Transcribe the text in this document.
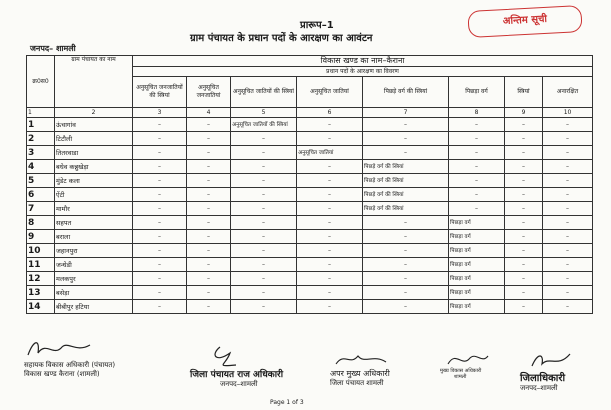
प्रारूप–1
ग्राम पंचायत के प्रधान पदों के आरक्षण का आवंटन
अन्तिम सूची
जनपद– शामली
क्र0स0	ग्राम पंचायत का नाम	विकास खण्ड का नाम–कैराना							
		प्रधान पदों के आरक्षण का विवरण							
		अनुसूचित जनजातियों की स्त्रियां	अनुसूचित जनजातियां	अनुसूचित जातियों की स्त्रियां	अनुसूचित जातियां	पिछड़े वर्ग की स्त्रियां	पिछड़ा वर्ग	स्त्रियां	अनारक्षित
1	2	3	4	5	6	7	8	9	10
1	ऊंचागांव	–	–	अनुसूचित जातियों की स्त्रियां	–	–	–	–	–
2	टिटौली	–	–	–	–	–	–	–	–
3	तितरवाडा	–	–	–	अनुसूचित जातियां	–	–	–	–
4	बधेव कन्नुखेड़ा	–	–	–	–	पिछड़े वर्ग की स्त्रियां	–	–	–
5	मुंडेट कला	–	–	–	–	पिछड़े वर्ग की स्त्रियां	–	–	–
6	ऐंटी	–	–	–	–	पिछड़े वर्ग की स्त्रियां	–	–	–
7	मामौर	–	–	–	–	पिछड़े वर्ग की स्त्रियां	–	–	–
8	सहपत	–	–	–	–	–	पिछड़ा वर्ग	–	–
9	बराला	–	–	–	–	–	पिछड़ा वर्ग	–	–
10	जहानपुरा	–	–	–	–	–	पिछड़ा वर्ग	–	–
11	जन्धेडी	–	–	–	–	–	पिछड़ा वर्ग	–	–
12	मलकपुर	–	–	–	–	–	पिछड़ा वर्ग	–	–
13	बसेड़ा	–	–	–	–	–	पिछड़ा वर्ग	–	–
14	बीबीपुर हटिया	–	–	–	–	–	पिछड़ा वर्ग	–	–
सहायक विकास अधिकारी (पंचायत)
विकास खण्ड कैराना (शामली)	जिला पंचायत राज अधिकारी
जनपद–शामली
अपर मुख्य अधिकारी
जिला पंचायत शामली
मुख्य विकास अधिकारी
शामली	जिलाधिकारी
जनपद–शामली
Page 1 of 3
